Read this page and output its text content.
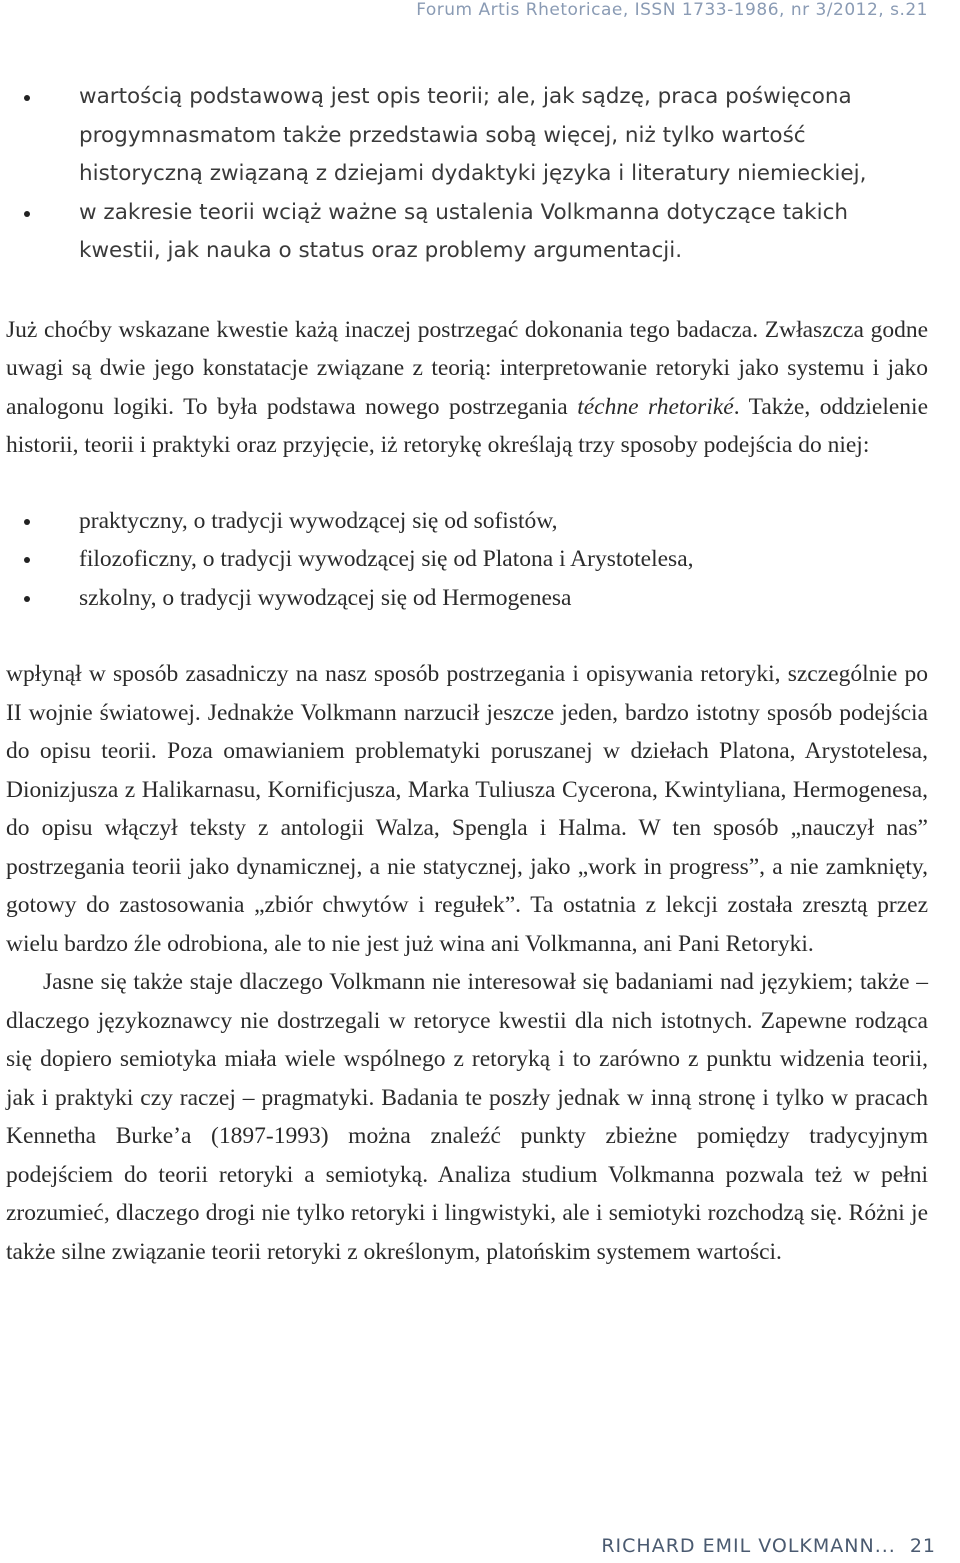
Forum Artis Rhetoricae, ISSN 1733-1986, nr 3/2012, s.21
wartością podstawową jest opis teorii; ale, jak sądzę, praca poświęcona progymnasmatom także przedstawia sobą więcej, niż tylko wartość historyczną związaną z dziejami dydaktyki języka i literatury niemieckiej,
w zakresie teorii wciąż ważne są ustalenia Volkmanna dotyczące takich kwestii, jak nauka o status oraz problemy argumentacji.

Już choćby wskazane kwestie każą inaczej postrzegać dokonania tego badacza. Zwłaszcza godne uwagi są dwie jego konstatacje związane z teorią: interpretowanie retoryki jako systemu i jako analogonu logiki. To była podstawa nowego postrzegania téchne rhetoriké. Także, oddzielenie historii, teorii i praktyki oraz przyjęcie, iż retorykę określają trzy sposoby podejścia do niej:

praktyczny, o tradycji wywodzącej się od sofistów,
filozoficzny, o tradycji wywodzącej się od Platona i Arystotelesa,
szkolny, o tradycji wywodzącej się od Hermogenesa

wpłynął w sposób zasadniczy na nasz sposób postrzegania i opisywania retoryki, szczególnie po II wojnie światowej. Jednakże Volkmann narzucił jeszcze jeden, bardzo istotny sposób podejścia do opisu teorii. Poza omawianiem problematyki poruszanej w dziełach Platona, Arystotelesa, Dionizjusza z Halikarnasu, Kornificjusza, Marka Tuliusza Cycerona, Kwintyliana, Hermogenesa, do opisu włączył teksty z antologii Walza, Spengla i Halma. W ten sposób „nauczył nas” postrzegania teorii jako dynamicznej, a nie statycznej, jako „work in progress”, a nie zamknięty, gotowy do zastosowania „zbiór chwytów i regułek”. Ta ostatnia z lekcji została zresztą przez wielu bardzo źle odrobiona, ale to nie jest już wina ani Volkmanna, ani Pani Retoryki.

Jasne się także staje dlaczego Volkmann nie interesował się badaniami nad językiem; także – dlaczego językoznawcy nie dostrzegali w retoryce kwestii dla nich istotnych. Zapewne rodząca się dopiero semiotyka miała wiele wspólnego z retoryką i to zarówno z punktu widzenia teorii, jak i praktyki czy raczej – pragmatyki. Badania te poszły jednak w inną stronę i tylko w pracach Kennetha Burke’a (1897-1993) można znaleźć punkty zbieżne pomiędzy tradycyjnym podejściem do teorii retoryki a semiotyką. Analiza studium Volkmanna pozwala też w pełni zrozumieć, dlaczego drogi nie tylko retoryki i lingwistyki, ale i semiotyki rozchodzą się. Różni je także silne związanie teorii retoryki z określonym, platońskim systemem wartości.

RICHARD EMIL VOLKMANN... 21
